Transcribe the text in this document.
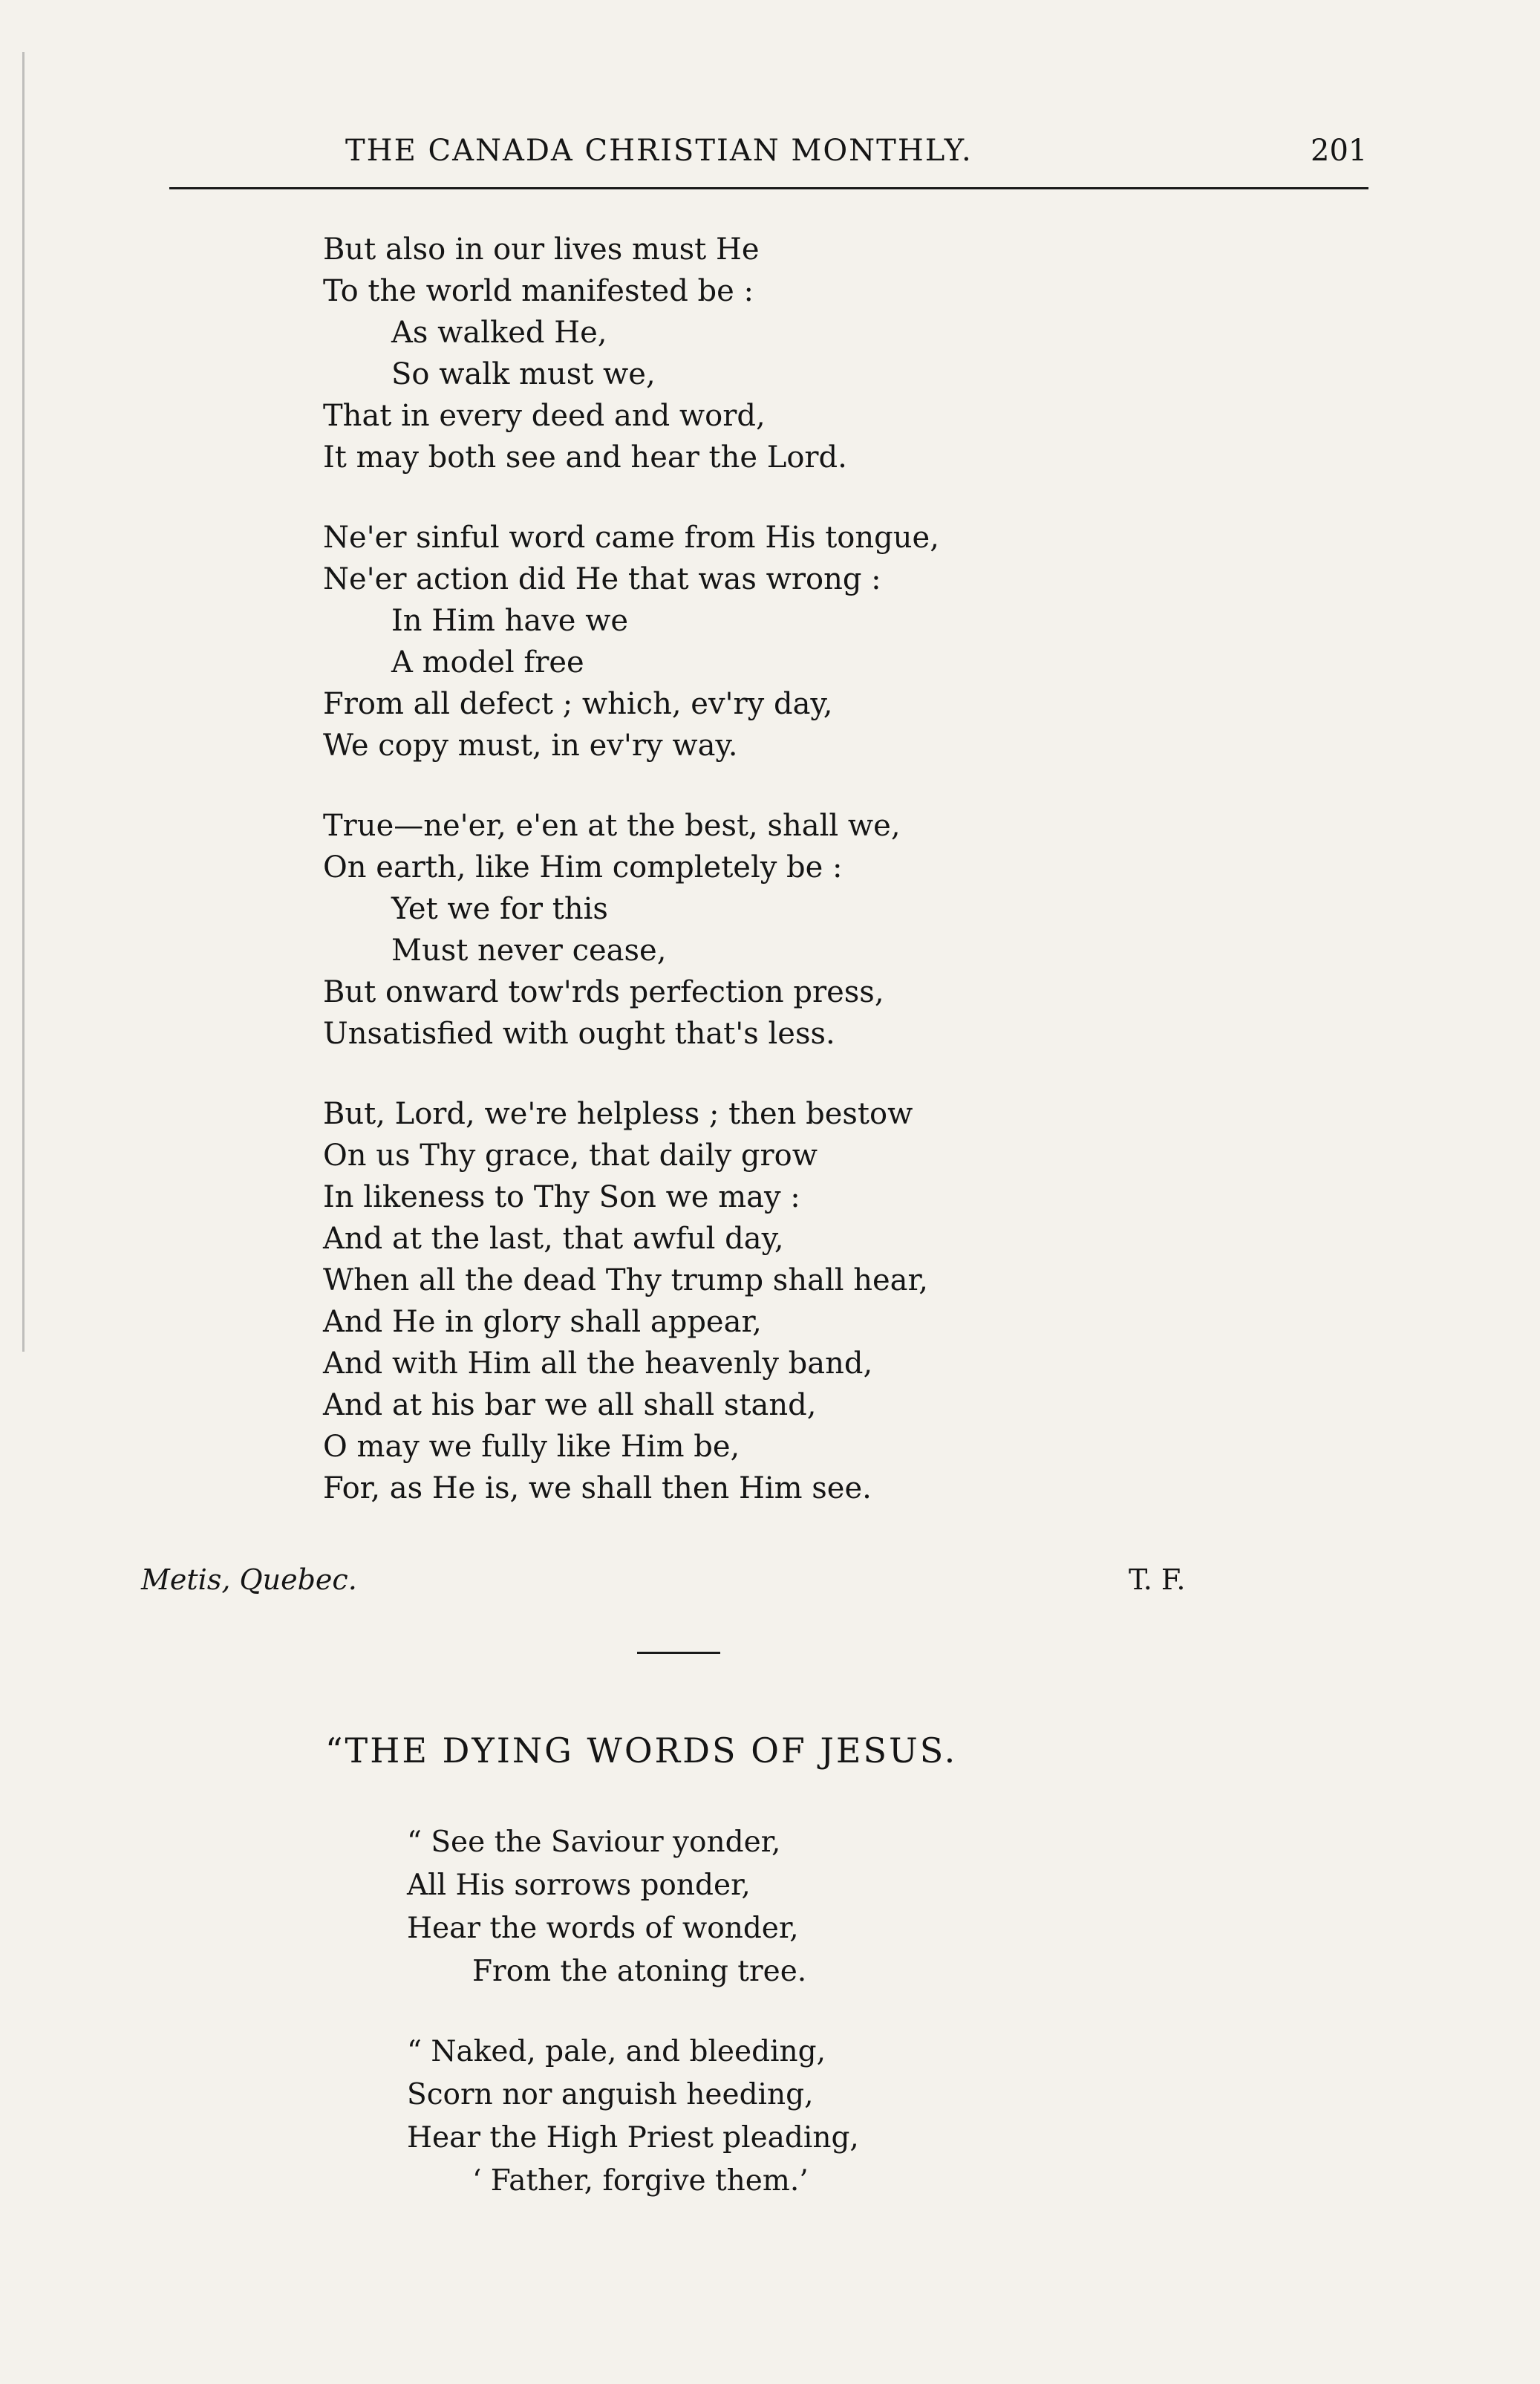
THE CANADA CHRISTIAN MONTHLY.	201
But also in our lives must He
To the world manifested be :
As walked He,
So walk must we,
That in every deed and word,
It may both see and hear the Lord.
Ne'er sinful word came from His tongue,
Ne'er action did He that was wrong :
In Him have we
A model free
From all defect ; which, ev'ry day,
We copy must, in ev'ry way.
True—ne'er, e'en at the best, shall we,
On earth, like Him completely be :
Yet we for this
Must never cease,
But onward tow'rds perfection press,
Unsatisfied with ought that's less.
But, Lord, we're helpless ; then bestow
On us Thy grace, that daily grow
In likeness to Thy Son we may :
And at the last, that awful day,
When all the dead Thy trump shall hear,
And He in glory shall appear,
And with Him all the heavenly band,
And at his bar we all shall stand,
O may we fully like Him be,
For, as He is, we shall then Him see.
Metis, Quebec.	T. F.
“THE DYING WORDS OF JESUS.
“ See the Saviour yonder,
All His sorrows ponder,
Hear the words of wonder,
From the atoning tree.
“ Naked, pale, and bleeding,
Scorn nor anguish heeding,
Hear the High Priest pleading,
‘ Father, forgive them.’
